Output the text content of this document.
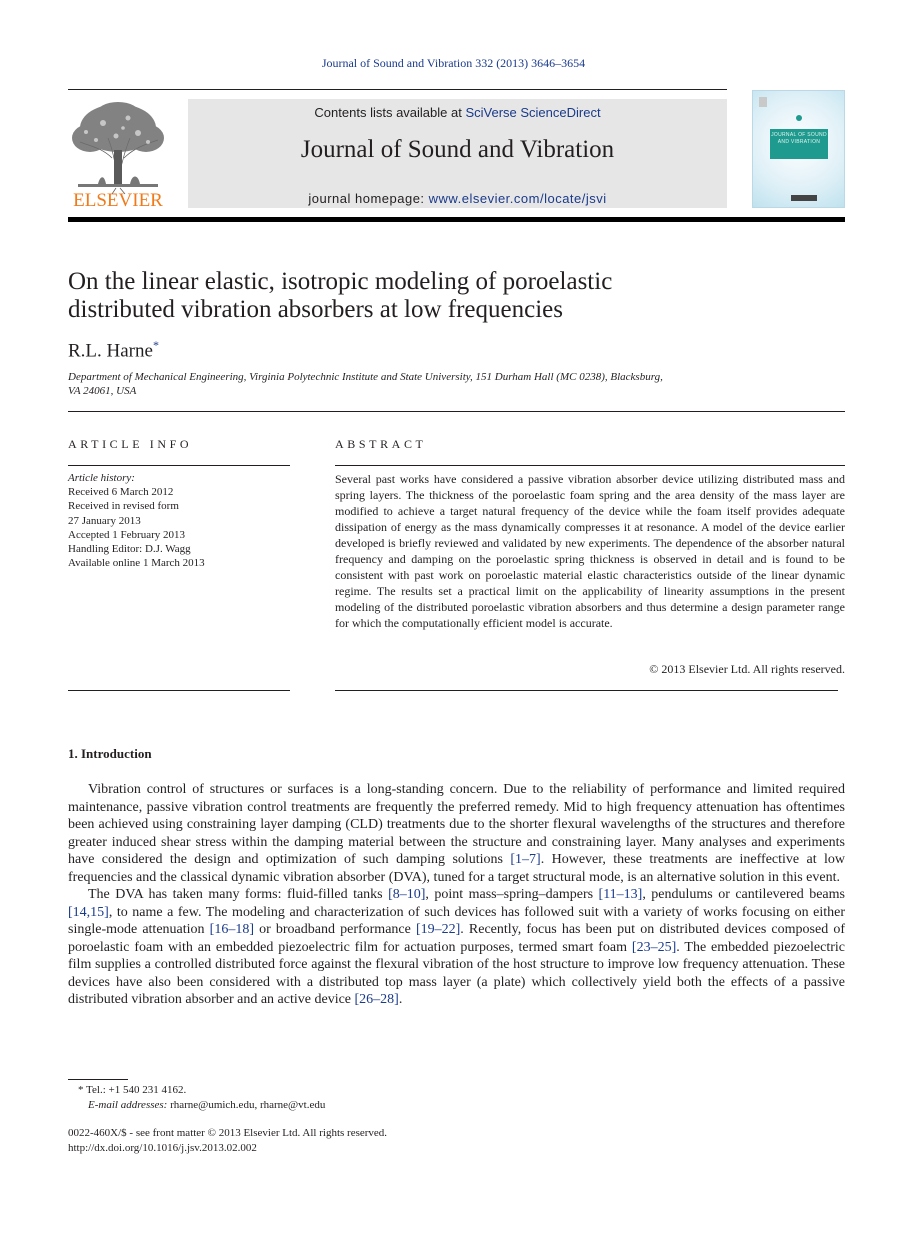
Journal of Sound and Vibration 332 (2013) 3646–3654
ELSEVIER
Contents lists available at SciVerse ScienceDirect
Journal of Sound and Vibration
journal homepage: www.elsevier.com/locate/jsvi
JOURNAL OF SOUND AND VIBRATION
On the linear elastic, isotropic modeling of poroelastic
distributed vibration absorbers at low frequencies
R.L. Harne*
Department of Mechanical Engineering, Virginia Polytechnic Institute and State University, 151 Durham Hall (MC 0238), Blacksburg,
VA 24061, USA
ARTICLE INFO	ABSTRACT
Article history:
Received 6 March 2012
Received in revised form
27 January 2013
Accepted 1 February 2013
Handling Editor: D.J. Wagg
Available online 1 March 2013
Several past works have considered a passive vibration absorber device utilizing distributed mass and spring layers. The thickness of the poroelastic foam spring and the area density of the mass layer are modified to achieve a target natural frequency of the device while the foam itself provides adequate dissipation of energy as the mass dynamically compresses it at resonance. A model of the device earlier developed is briefly reviewed and validated by new experiments. The dependence of the absorber natural frequency and damping on the poroelastic spring thickness is observed in detail and is found to be consistent with past work on poroelastic material elastic characteristics outside of the linear dynamic regime. The results set a practical limit on the applicability of linearity assumptions in the present modeling of the distributed poroelastic vibration absorbers and thus determine a design parameter range for which the computationally efficient model is accurate.
© 2013 Elsevier Ltd. All rights reserved.
1. Introduction

Vibration control of structures or surfaces is a long-standing concern. Due to the reliability of performance and limited required maintenance, passive vibration control treatments are frequently the preferred remedy. Mid to high frequency attenuation has oftentimes been achieved using constraining layer damping (CLD) treatments due to the shorter flexural wavelengths of the structures and therefore greater induced shear stress within the damping material between the structure and constraining layer. Many analyses and experiments have considered the design and optimization of such damping solutions [1–7]. However, these treatments are ineffective at low frequencies and the classical dynamic vibration absorber (DVA), tuned for a target structural mode, is an alternative solution in this event.

The DVA has taken many forms: fluid-filled tanks [8–10], point mass–spring–dampers [11–13], pendulums or cantilevered beams [14,15], to name a few. The modeling and characterization of such devices has followed suit with a variety of works focusing on either single-mode attenuation [16–18] or broadband performance [19–22]. Recently, focus has been put on distributed devices composed of poroelastic foam with an embedded piezoelectric film for actuation purposes, termed smart foam [23–25]. The embedded piezoelectric film supplies a controlled distributed force against the flexural vibration of the host structure to improve low frequency attenuation. These devices have also been considered with a distributed top mass layer (a plate) which collectively yield both the effects of a passive distributed vibration absorber and an active device [26–28].

* Tel.: +1 540 231 4162.
E-mail addresses: rharne@umich.edu, rharne@vt.edu
0022-460X/$ - see front matter © 2013 Elsevier Ltd. All rights reserved.
http://dx.doi.org/10.1016/j.jsv.2013.02.002
